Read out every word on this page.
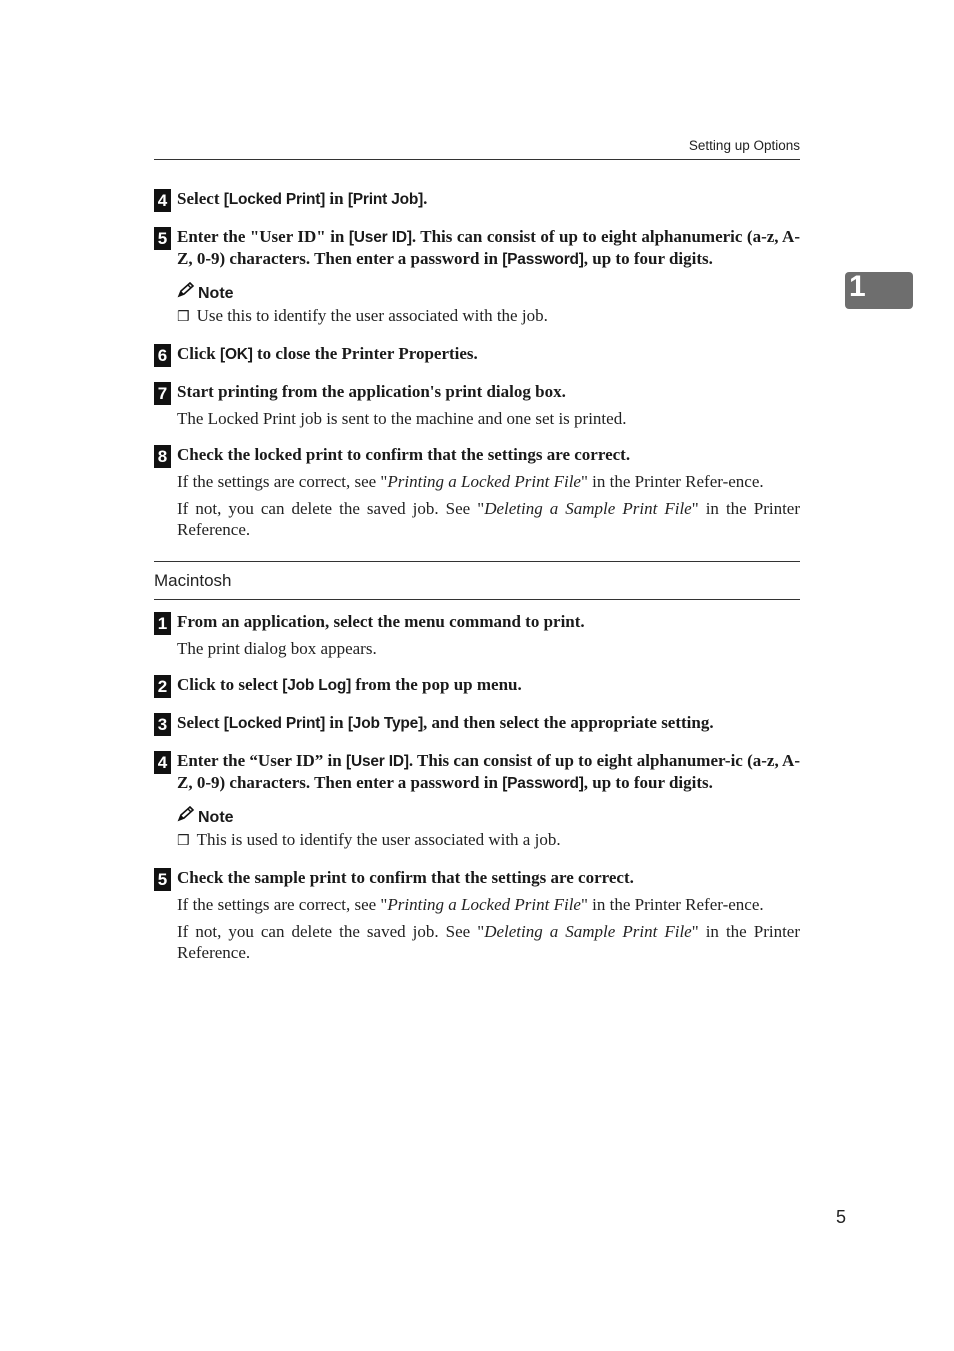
Setting up Options
1
4 Select [Locked Print] in [Print Job].
5 Enter the "User ID" in [User ID]. This can consist of up to eight alphanumeric (a-z, A-Z, 0-9) characters. Then enter a password in [Password], up to four digits.
Note
❒ Use this to identify the user associated with the job.
6 Click [OK] to close the Printer Properties.
7 Start printing from the application's print dialog box.
The Locked Print job is sent to the machine and one set is printed.
8 Check the locked print to confirm that the settings are correct.
If the settings are correct, see "Printing a Locked Print File" in the Printer Refer-ence.
If not, you can delete the saved job. See "Deleting a Sample Print File" in the Printer Reference.
Macintosh
1 From an application, select the menu command to print.
The print dialog box appears.
2 Click to select [Job Log] from the pop up menu.
3 Select [Locked Print] in [Job Type], and then select the appropriate setting.
4 Enter the “User ID” in [User ID]. This can consist of up to eight alphanumer-ic (a-z, A-Z, 0-9) characters. Then enter a password in [Password], up to four digits.
Note
❒ This is used to identify the user associated with a job.
5 Check the sample print to confirm that the settings are correct.
If the settings are correct, see "Printing a Locked Print File" in the Printer Refer-ence.
If not, you can delete the saved job. See "Deleting a Sample Print File" in the Printer Reference.
5
